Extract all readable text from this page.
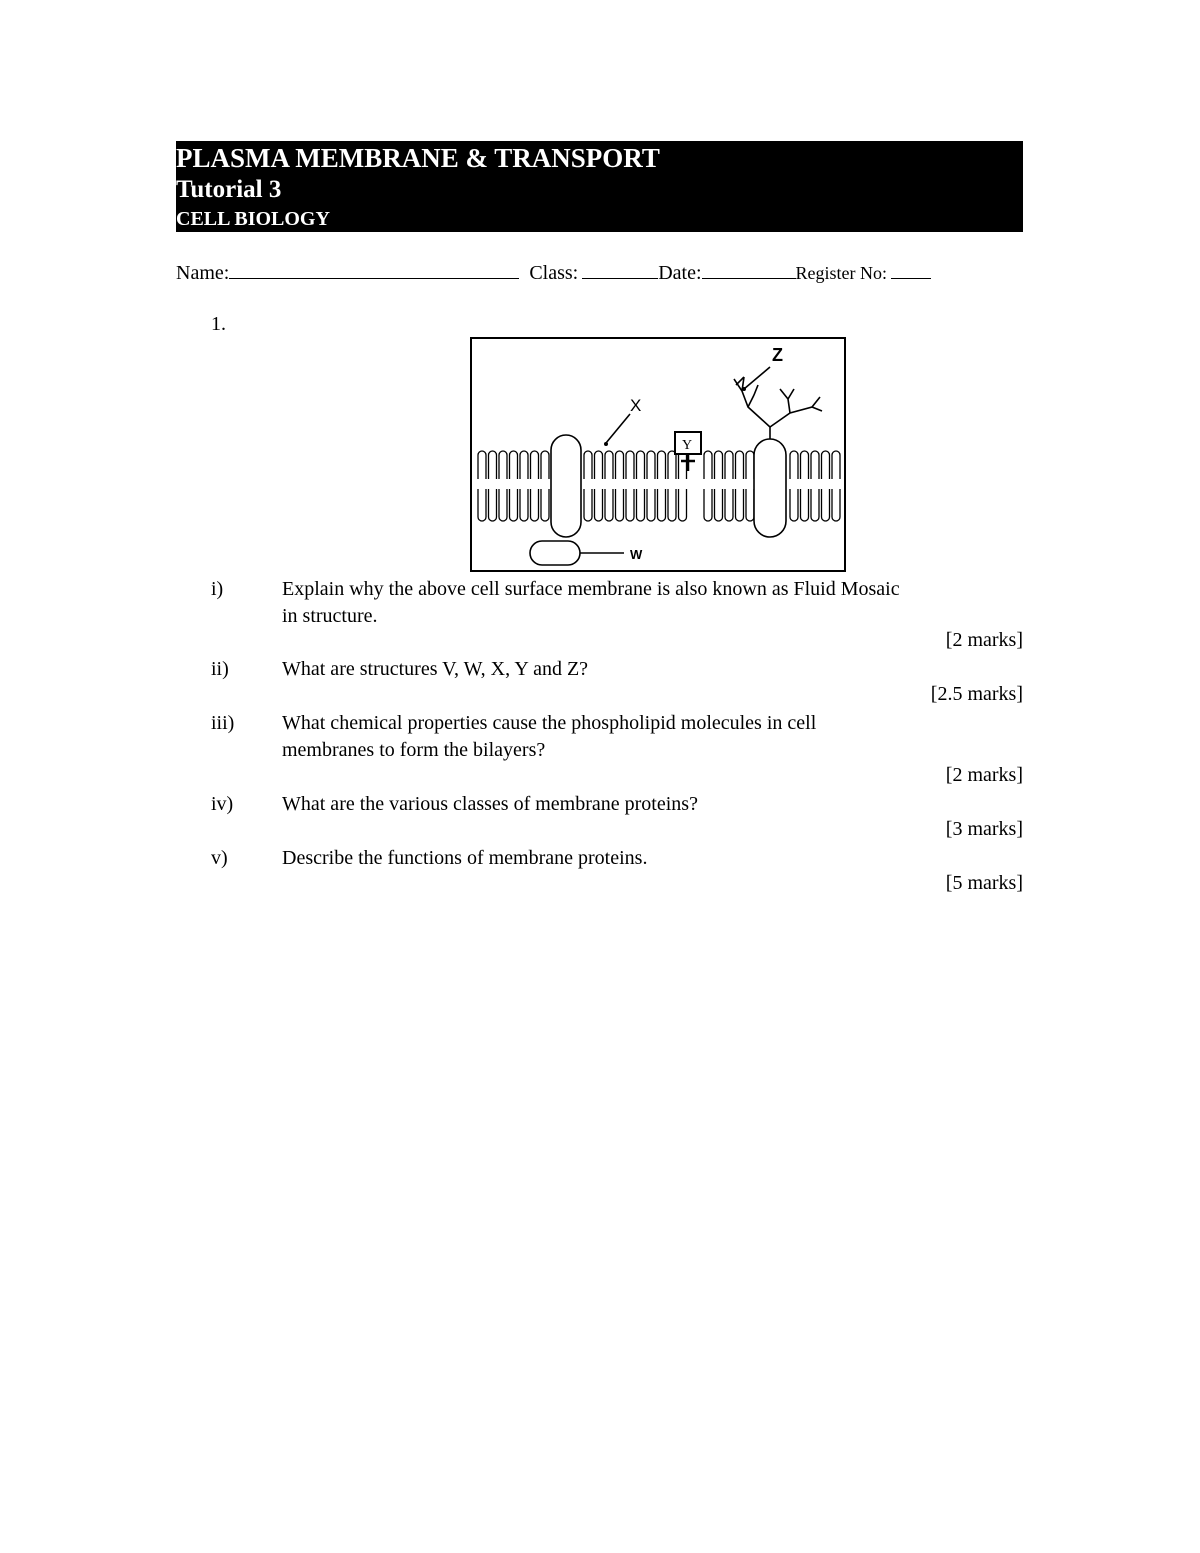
PLASMA MEMBRANE & TRANSPORT
Tutorial 3
CELL BIOLOGY
Name:	Class:	Date:	Register No:
1.
W
X
Y
Z
i)	Explain why the above cell surface membrane is also known as Fluid Mosaic
in structure.
[2 marks]
ii)	What are structures V, W, X, Y and Z?
[2.5 marks]
iii) What chemical properties cause the phospholipid molecules in cell
membranes to form the bilayers?
[2 marks]
iv) What are the various classes of membrane proteins?
[3 marks]
v)	Describe the functions of membrane proteins.
[5 marks]
